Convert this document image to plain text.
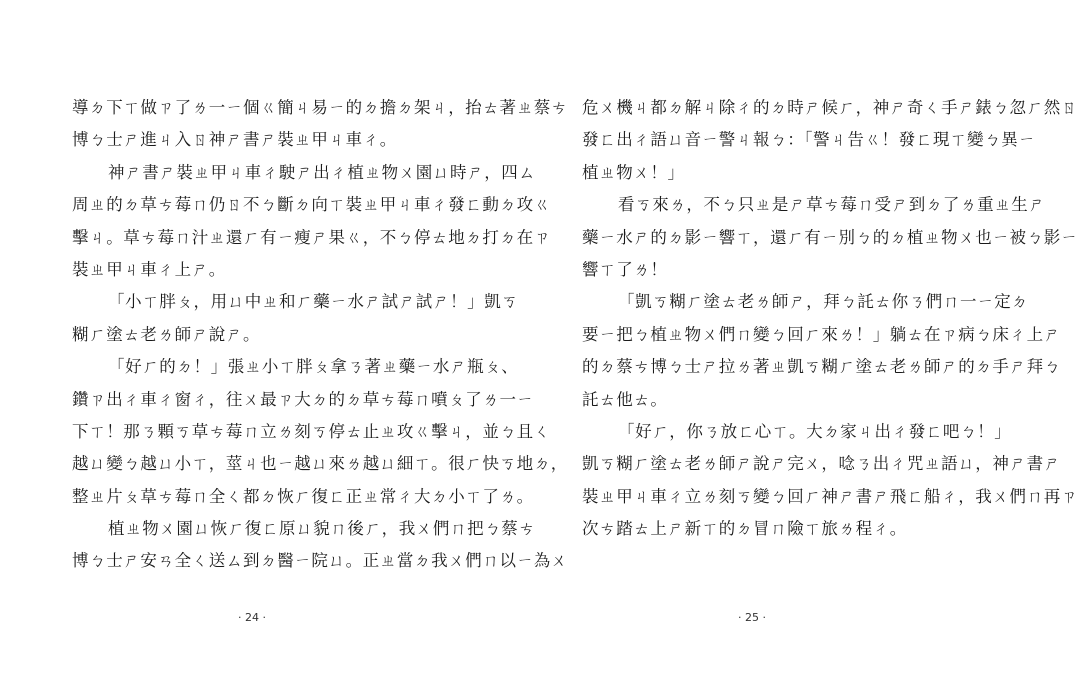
導ㄉ下ㄒ做ㄗ了ㄌ一ㄧ個ㄍ簡ㄐ易ㄧ的ㄉ擔ㄉ架ㄐ，抬ㄊ著ㄓ蔡ㄘ
博ㄅ士ㄕ進ㄐ入ㄖ神ㄕ書ㄕ裝ㄓ甲ㄐ車ㄔ。
神ㄕ書ㄕ裝ㄓ甲ㄐ車ㄔ駛ㄕ出ㄔ植ㄓ物ㄨ園ㄩ時ㄕ，四ㄙ
周ㄓ的ㄉ草ㄘ莓ㄇ仍ㄖ不ㄅ斷ㄉ向ㄒ裝ㄓ甲ㄐ車ㄔ發ㄈ動ㄉ攻ㄍ
擊ㄐ。草ㄘ莓ㄇ汁ㄓ還ㄏ有ㄧ瘦ㄕ果ㄍ，不ㄅ停ㄊ地ㄉ打ㄉ在ㄗ
裝ㄓ甲ㄐ車ㄔ上ㄕ。
「小ㄒ胖ㄆ，用ㄩ中ㄓ和ㄏ藥ㄧ水ㄕ試ㄕ試ㄕ！」凱ㄎ
糊ㄏ塗ㄊ老ㄌ師ㄕ說ㄕ。
「好ㄏ的ㄉ！」張ㄓ小ㄒ胖ㄆ拿ㄋ著ㄓ藥ㄧ水ㄕ瓶ㄆ、
鑽ㄗ出ㄔ車ㄔ窗ㄔ，往ㄨ最ㄗ大ㄉ的ㄉ草ㄘ莓ㄇ噴ㄆ了ㄌ一ㄧ
下ㄒ！那ㄋ顆ㄎ草ㄘ莓ㄇ立ㄌ刻ㄎ停ㄊ止ㄓ攻ㄍ擊ㄐ，並ㄅ且ㄑ
越ㄩ變ㄅ越ㄩ小ㄒ，莖ㄐ也ㄧ越ㄩ來ㄌ越ㄩ細ㄒ。很ㄏ快ㄎ地ㄉ，
整ㄓ片ㄆ草ㄘ莓ㄇ全ㄑ都ㄉ恢ㄏ復ㄈ正ㄓ常ㄔ大ㄉ小ㄒ了ㄌ。
植ㄓ物ㄨ園ㄩ恢ㄏ復ㄈ原ㄩ貌ㄇ後ㄏ，我ㄨ們ㄇ把ㄅ蔡ㄘ
博ㄅ士ㄕ安ㄢ全ㄑ送ㄙ到ㄉ醫ㄧ院ㄩ。正ㄓ當ㄉ我ㄨ們ㄇ以ㄧ為ㄨ
· 24 ·
危ㄨ機ㄐ都ㄉ解ㄐ除ㄔ的ㄉ時ㄕ候ㄏ，神ㄕ奇ㄑ手ㄕ錶ㄅ忽ㄏ然ㄖ
發ㄈ出ㄔ語ㄩ音ㄧ警ㄐ報ㄅ：「警ㄐ告ㄍ！發ㄈ現ㄒ變ㄅ異ㄧ
植ㄓ物ㄨ！」
看ㄎ來ㄌ，不ㄅ只ㄓ是ㄕ草ㄘ莓ㄇ受ㄕ到ㄉ了ㄌ重ㄓ生ㄕ
藥ㄧ水ㄕ的ㄉ影ㄧ響ㄒ，還ㄏ有ㄧ別ㄅ的ㄉ植ㄓ物ㄨ也ㄧ被ㄅ影ㄧ
響ㄒ了ㄌ！
「凱ㄎ糊ㄏ塗ㄊ老ㄌ師ㄕ，拜ㄅ託ㄊ你ㄋ們ㄇ一ㄧ定ㄉ
要ㄧ把ㄅ植ㄓ物ㄨ們ㄇ變ㄅ回ㄏ來ㄌ！」躺ㄊ在ㄗ病ㄅ床ㄔ上ㄕ
的ㄉ蔡ㄘ博ㄅ士ㄕ拉ㄌ著ㄓ凱ㄎ糊ㄏ塗ㄊ老ㄌ師ㄕ的ㄉ手ㄕ拜ㄅ
託ㄊ他ㄊ。
「好ㄏ，你ㄋ放ㄈ心ㄒ。大ㄉ家ㄐ出ㄔ發ㄈ吧ㄅ！」
凱ㄎ糊ㄏ塗ㄊ老ㄌ師ㄕ說ㄕ完ㄨ，唸ㄋ出ㄔ咒ㄓ語ㄩ，神ㄕ書ㄕ
裝ㄓ甲ㄐ車ㄔ立ㄌ刻ㄎ變ㄅ回ㄏ神ㄕ書ㄕ飛ㄈ船ㄔ，我ㄨ們ㄇ再ㄗ
次ㄘ踏ㄊ上ㄕ新ㄒ的ㄉ冒ㄇ險ㄒ旅ㄌ程ㄔ。
· 25 ·
